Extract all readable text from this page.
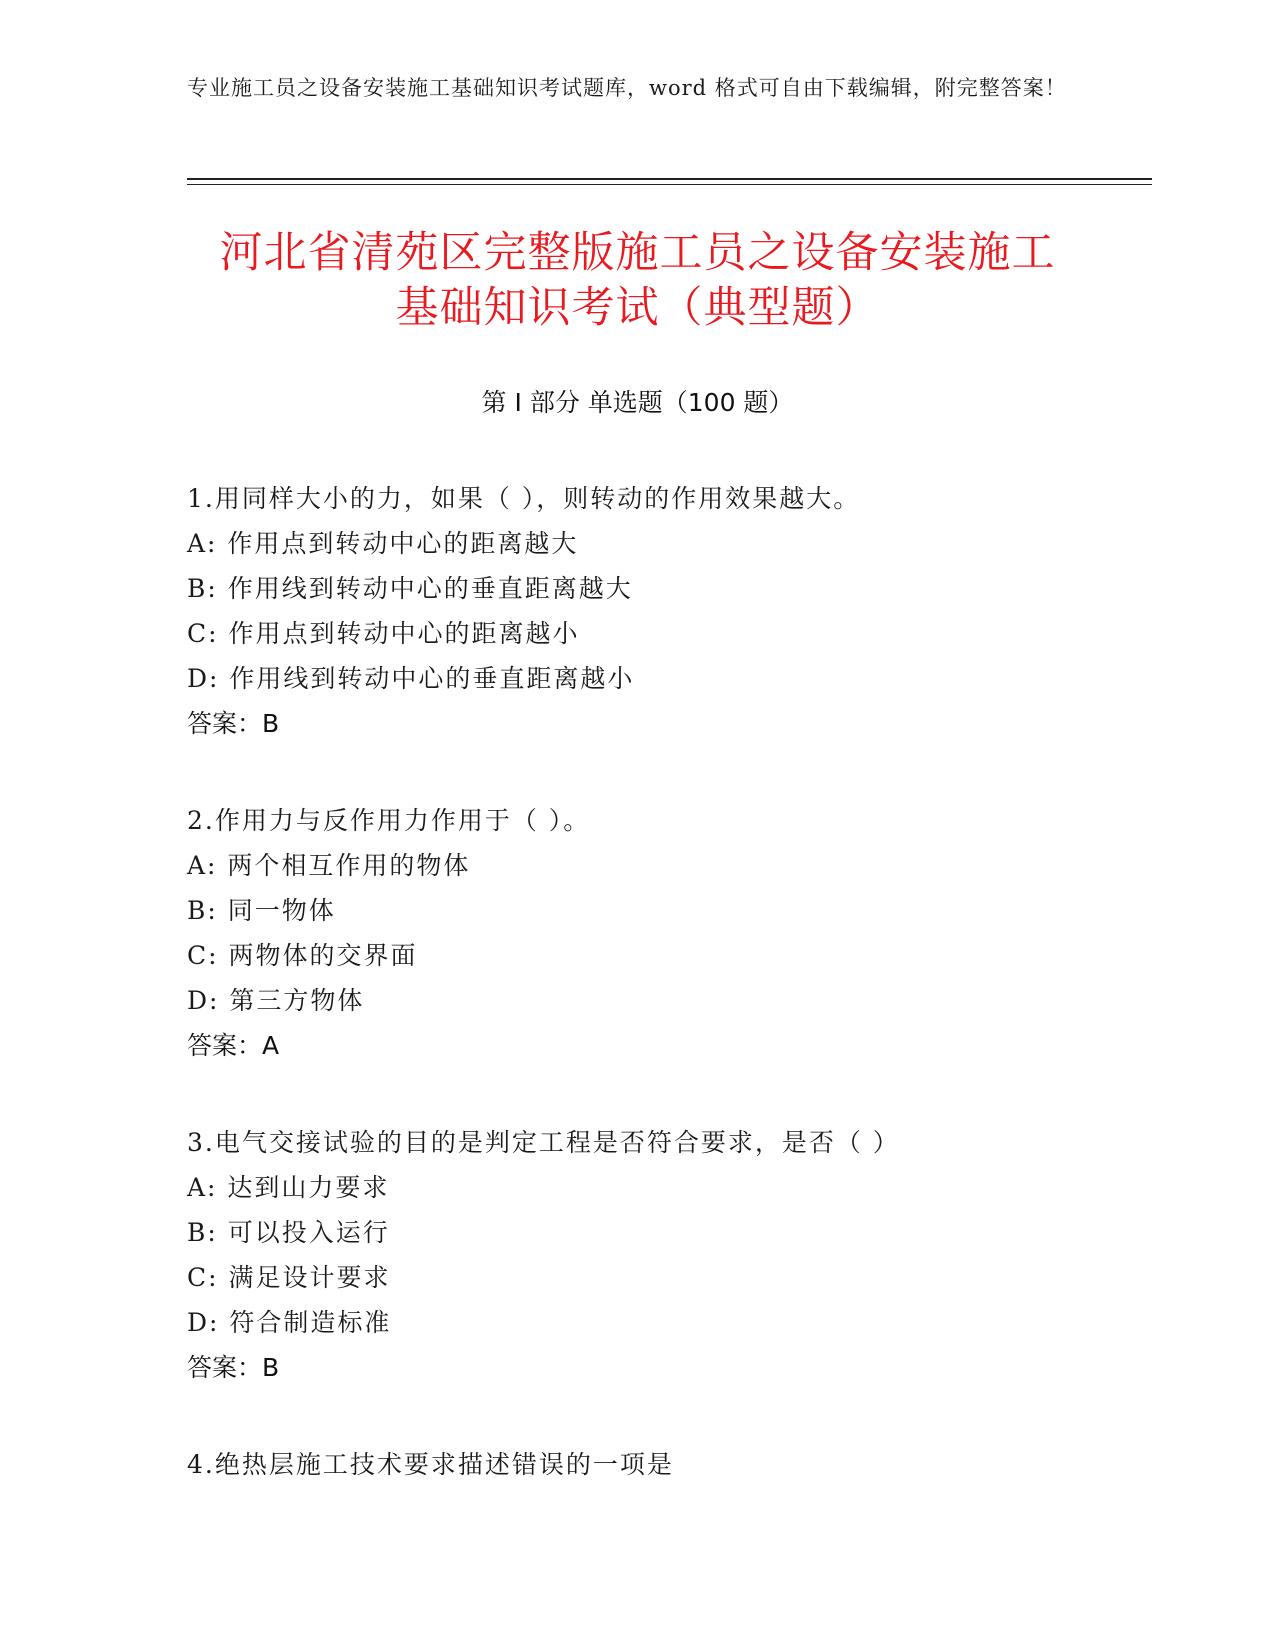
专业施工员之设备安装施工基础知识考试题库，word 格式可自由下载编辑，附完整答案！
河北省清苑区完整版施工员之设备安装施工
基础知识考试（典型题）
第 I 部分 单选题（100 题）
1.用同样大小的力，如果（ ），则转动的作用效果越大。
A: 作用点到转动中心的距离越大
B: 作用线到转动中心的垂直距离越大
C: 作用点到转动中心的距离越小
D: 作用线到转动中心的垂直距离越小
答案：B
2.作用力与反作用力作用于（ ）。
A: 两个相互作用的物体
B: 同一物体
C: 两物体的交界面
D: 第三方物体
答案：A
3.电气交接试验的目的是判定工程是否符合要求，是否（ ）
A: 达到山力要求
B: 可以投入运行
C: 满足设计要求
D: 符合制造标准
答案：B
4.绝热层施工技术要求描述错误的一项是
